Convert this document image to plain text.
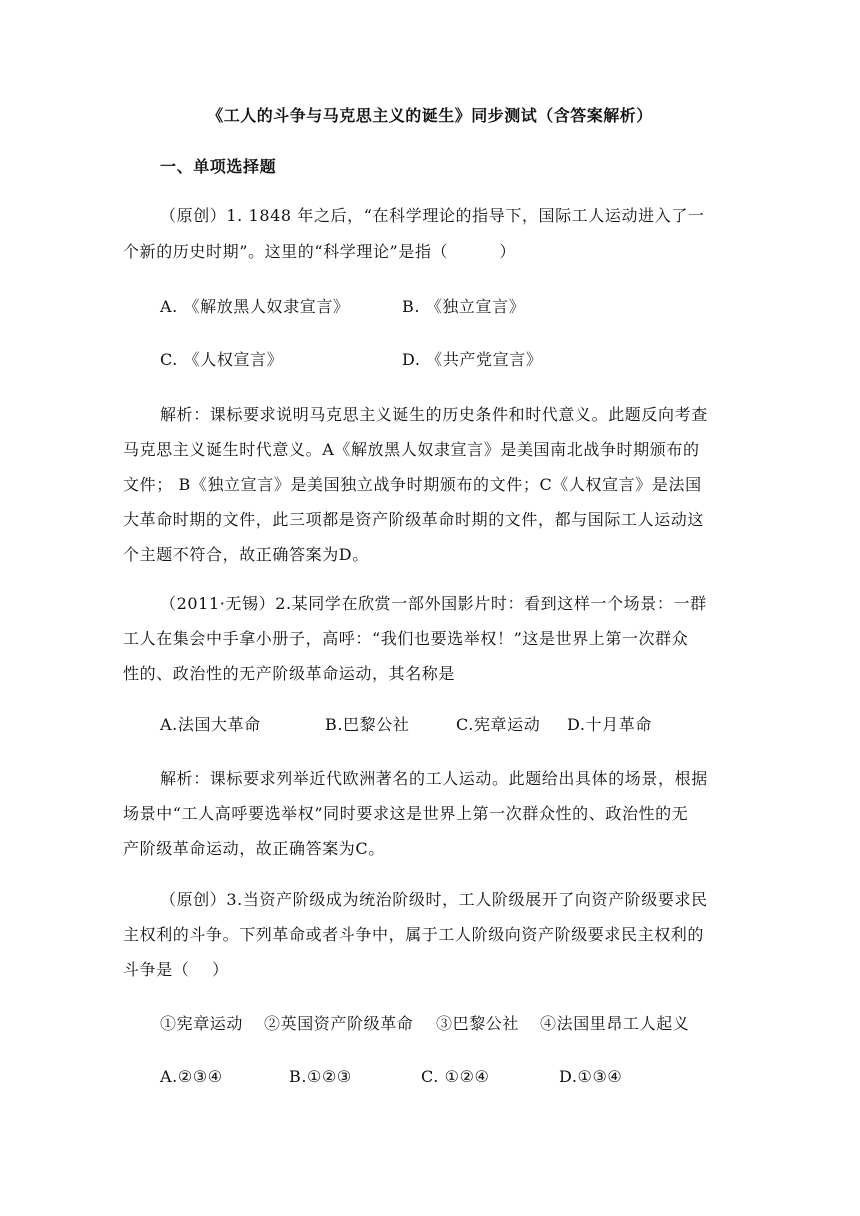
《工人的斗争与马克思主义的诞生》同步测试（含答案解析）
一、单项选择题
（原创）1. 1848 年之后，“在科学理论的指导下，国际工人运动进入了一
个新的历史时期”。这里的“科学理论”是指（         ）
A. 《解放黑人奴隶宣言》	B. 《独立宣言》
C. 《人权宣言》	D. 《共产党宣言》
解析：课标要求说明马克思主义诞生的历史条件和时代意义。此题反向考查
马克思主义诞生时代意义。A《解放黑人奴隶宣言》是美国南北战争时期颁布的
文件； B《独立宣言》是美国独立战争时期颁布的文件；C《人权宣言》是法国
大革命时期的文件，此三项都是资产阶级革命时期的文件，都与国际工人运动这
个主题不符合，故正确答案为D。
（2011·无锡）2.某同学在欣赏一部外国影片时：看到这样一个场景：一群
工人在集会中手拿小册子，高呼：“我们也要选举权！”这是世界上第一次群众
性的、政治性的无产阶级革命运动，其名称是
A.法国大革命	B.巴黎公社	C.宪章运动 D.十月革命
解析：课标要求列举近代欧洲著名的工人运动。此题给出具体的场景，根据
场景中“工人高呼要选举权”同时要求这是世界上第一次群众性的、政治性的无
产阶级革命运动，故正确答案为C。
（原创）3.当资产阶级成为统治阶级时，工人阶级展开了向资产阶级要求民
主权利的斗争。下列革命或者斗争中，属于工人阶级向资产阶级要求民主权利的
斗争是（    ）
①宪章运动 ②英国资产阶级革命 ③巴黎公社 ④法国里昂工人起义
A.②③④	B.①②③	C. ①②④	D.①③④
